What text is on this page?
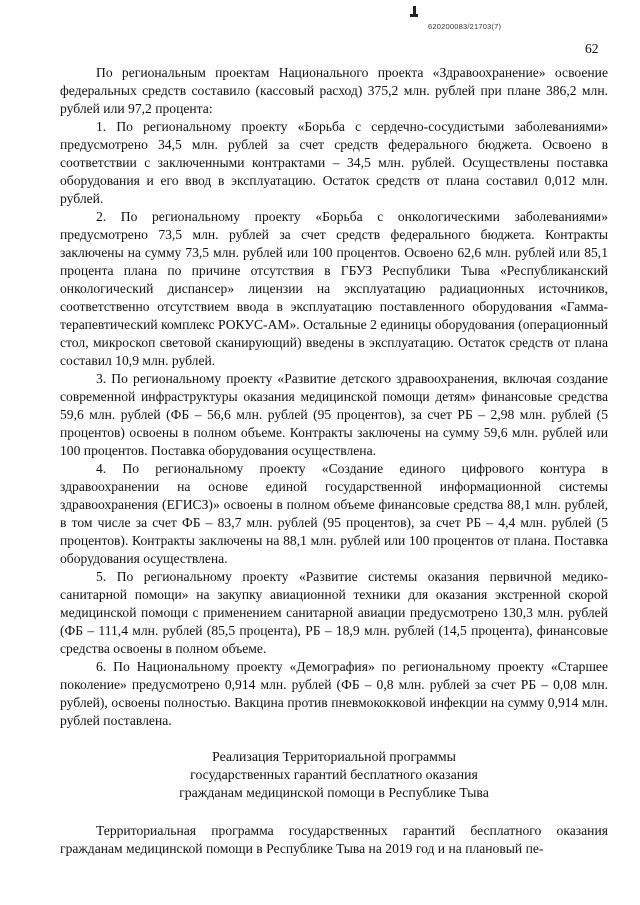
620200083/21703(7)
62

По региональным проектам Национального проекта «Здравоохранение» освоение федеральных средств составило (кассовый расход) 375,2 млн. рублей при плане 386,2 млн. рублей или 97,2 процента:

1. По региональному проекту «Борьба с сердечно-сосудистыми заболеваниями» предусмотрено 34,5 млн. рублей за счет средств федерального бюджета. Освоено в соответствии с заключенными контрактами – 34,5 млн. рублей. Осуществлены поставка оборудования и его ввод в эксплуатацию. Остаток средств от плана составил 0,012 млн. рублей.

2. По региональному проекту «Борьба с онкологическими заболеваниями» предусмотрено 73,5 млн. рублей за счет средств федерального бюджета. Контракты заключены на сумму 73,5 млн. рублей или 100 процентов. Освоено 62,6 млн. рублей или 85,1 процента плана по причине отсутствия в ГБУЗ Республики Тыва «Республиканский онкологический диспансер» лицензии на эксплуатацию радиационных источников, соответственно отсутствием ввода в эксплуатацию поставленного оборудования «Гамма-терапевтический комплекс РОКУС-АМ». Остальные 2 единицы оборудования (операционный стол, микроскоп световой сканирующий) введены в эксплуатацию. Остаток средств от плана составил 10,9 млн. рублей.

3. По региональному проекту «Развитие детского здравоохранения, включая создание современной инфраструктуры оказания медицинской помощи детям» финансовые средства 59,6 млн. рублей (ФБ – 56,6 млн. рублей (95 процентов), за счет РБ – 2,98 млн. рублей (5 процентов) освоены в полном объеме. Контракты заключены на сумму 59,6 млн. рублей или 100 процентов. Поставка оборудования осуществлена.

4. По региональному проекту «Создание единого цифрового контура в здравоохранении на основе единой государственной информационной системы здравоохранения (ЕГИСЗ)» освоены в полном объеме финансовые средства 88,1 млн. рублей, в том числе за счет ФБ – 83,7 млн. рублей (95 процентов), за счет РБ – 4,4 млн. рублей (5 процентов). Контракты заключены на 88,1 млн. рублей или 100 процентов от плана. Поставка оборудования осуществлена.

5. По региональному проекту «Развитие системы оказания первичной медико-санитарной помощи» на закупку авиационной техники для оказания экстренной скорой медицинской помощи с применением санитарной авиации предусмотрено 130,3 млн. рублей (ФБ – 111,4 млн. рублей (85,5 процента), РБ – 18,9 млн. рублей (14,5 процента), финансовые средства освоены в полном объеме.

6. По Национальному проекту «Демография» по региональному проекту «Старшее поколение» предусмотрено 0,914 млн. рублей (ФБ – 0,8 млн. рублей за счет РБ – 0,08 млн. рублей), освоены полностью. Вакцина против пневмококковой инфекции на сумму 0,914 млн. рублей поставлена.

Реализация Территориальной программы
государственных гарантий бесплатного оказания
гражданам медицинской помощи в Республике Тыва

Территориальная программа государственных гарантий бесплатного оказания гражданам медицинской помощи в Республике Тыва на 2019 год и на плановый пе-
